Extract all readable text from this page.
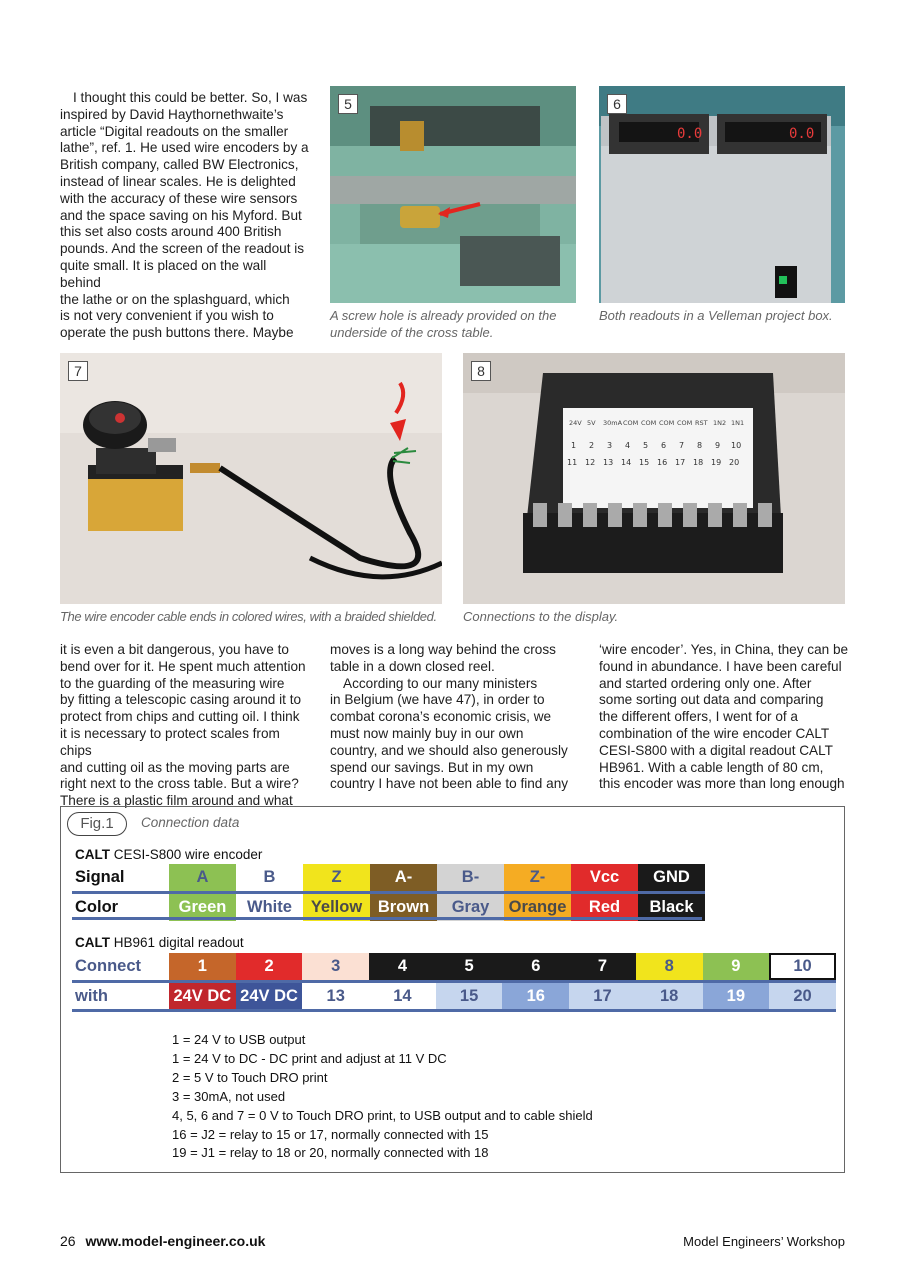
I thought this could be better. So, I was

inspired by David Haythornethwaite’s

article “Digital readouts on the smaller

lathe”, ref. 1. He used wire encoders by a

British company, called BW Electronics,

instead of linear scales. He is delighted

with the accuracy of these wire sensors

and the space saving on his Myford. But

this set also costs around 400 British

pounds. And the screen of the readout is

quite small. It is placed on the wall behind

the lathe or on the splashguard, which

is not very convenient if you wish to

operate the push buttons there. Maybe

5
A screw hole is already provided on the
underside of the cross table.
0.0	0.0
6
Both readouts in a Velleman project box.
7
The wire encoder cable ends in colored wires, with a braided shielded.
24V 5V 30mA COM COM COM COM RST 1N2 1N1
1 2 3 4 5 6 7 8 9 10
11 12 13 14 15 16 17 18 19 20
8
Connections to the display.

it is even a bit dangerous, you have to

bend over for it. He spent much attention

to the guarding of the measuring wire

by fitting a telescopic casing around it to

protect from chips and cutting oil. I think

it is necessary to protect scales from chips

and cutting oil as the moving parts are

right next to the cross table. But a wire?

There is a plastic film around and what

moves is a long way behind the cross

table in a down closed reel.

According to our many ministers

in Belgium (we have 47), in order to

combat corona’s economic crisis, we

must now mainly buy in our own

country, and we should also generously

spend our savings. But in my own

country I have not been able to find any

‘wire encoder’. Yes, in China, they can be

found in abundance. I have been careful

and started ordering only one. After

some sorting out data and comparing

the different offers, I went for of a

combination of the wire encoder CALT

CESI-S800 with a digital readout CALT

HB961. With a cable length of 80 cm,

this encoder was more than long enough

Fig.1	Connection data
CALT CESI-S800 wire encoder
Signal	A	B	Z	A-	B-	Z-	Vcc	GND

Color	Green	White	Yellow	Brown	Gray	Orange	Red	Black
CALT HB961 digital readout
Connect	1	2	3	4	5	6	7	8	9	10

with	24V DC	24V DC	13	14	15	16	17	18	19	20
1 = 24 V to USB output
1 = 24 V to DC - DC print and adjust at 11 V DC
2 = 5 V to Touch DRO print
3 = 30mA, not used
4, 5, 6 and 7 = 0 V to Touch DRO print, to USB output and to cable shield
16 = J2 = relay to 15 or 17, normally connected with 15
19 = J1 = relay to 18 or 20, normally connected with 18
26 www.model-engineer.co.uk	Model Engineers’ Workshop
